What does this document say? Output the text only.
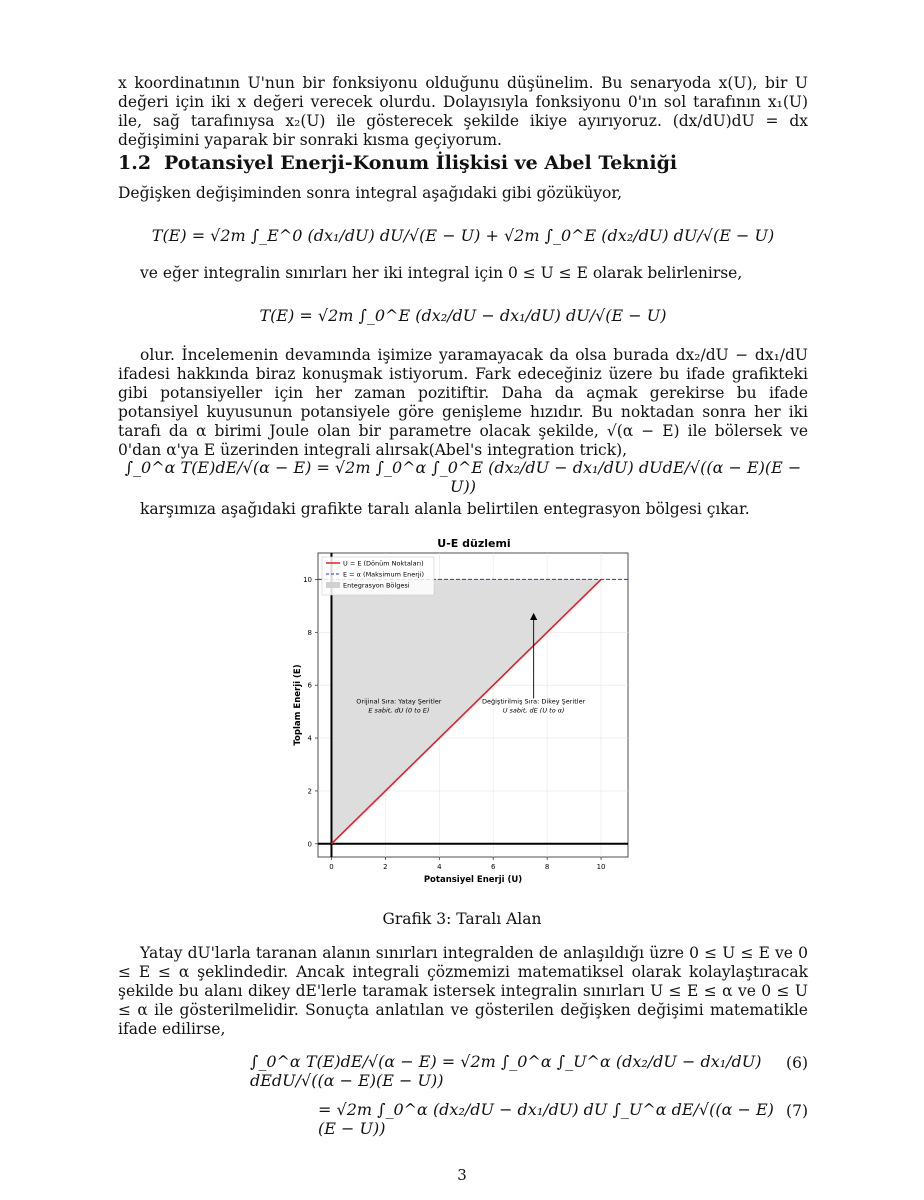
x koordinatının U'nun bir fonksiyonu olduğunu düşünelim. Bu senaryoda x(U), bir U değeri için iki x değeri verecek olurdu. Dolayısıyla fonksiyonu 0'ın sol tarafının x₁(U) ile, sağ tarafınıysa x₂(U) ile gösterecek şekilde ikiye ayırıyoruz. (dx/dU)dU = dx değişimini yaparak bir sonraki kısma geçiyorum.
1.2 Potansiyel Enerji-Konum İlişkisi ve Abel Tekniği
Değişken değişiminden sonra integral aşağıdaki gibi gözüküyor,
T(E) = √2m ∫_E^0 (dx₁/dU) dU/√(E − U) + √2m ∫_0^E (dx₂/dU) dU/√(E − U)
ve eğer integralin sınırları her iki integral için 0 ≤ U ≤ E olarak belirlenirse,
T(E) = √2m ∫_0^E (dx₂/dU − dx₁/dU) dU/√(E − U)
olur. İncelemenin devamında işimize yaramayacak da olsa burada dx₂/dU − dx₁/dU ifadesi hakkında biraz konuşmak istiyorum. Fark edeceğiniz üzere bu ifade grafikteki gibi potansiyeller için her zaman pozitiftir. Daha da açmak gerekirse bu ifade potansiyel kuyusunun potansiyele göre genişleme hızıdır. Bu noktadan sonra her iki tarafı da α birimi Joule olan bir parametre olacak şekilde, √(α − E) ile bölersek ve 0'dan α'ya E üzerinden integrali alırsak(Abel's integration trick),
∫_0^α T(E)dE/√(α − E) = √2m ∫_0^α ∫_0^E (dx₂/dU − dx₁/dU) dUdE/√((α − E)(E − U))
karşımıza aşağıdaki grafikte taralı alanla belirtilen entegrasyon bölgesi çıkar.
U-E düzlemi
0	2	4	6	8	10
0
2
4
6
8
10
Orijinal Sıra: Yatay Şeritler
E sabit, dU (0 to E)
Değiştirilmiş Sıra: Dikey Şeritler
U sabit, dE (U to α)
U = E (Dönüm Noktaları)
E = α (Maksimum Enerji)
Entegrasyon Bölgesi
Potansiyel Enerji (U)
Toplam Enerji (E)
Grafik 3: Taralı Alan
Yatay dU'larla taranan alanın sınırları integralden de anlaşıldığı üzre 0 ≤ U ≤ E ve 0 ≤ E ≤ α şeklindedir. Ancak integrali çözmemizi matematiksel olarak kolaylaştıracak şekilde bu alanı dikey dE'lerle taramak istersek integralin sınırları U ≤ E ≤ α ve 0 ≤ U ≤ α ile gösterilmelidir. Sonuçta anlatılan ve gösterilen değişken değişimi matematikle ifade edilirse,
∫_0^α T(E)dE/√(α − E) = √2m ∫_0^α ∫_U^α (dx₂/dU − dx₁/dU) dEdU/√((α − E)(E − U))
(6)
= √2m ∫_0^α (dx₂/dU − dx₁/dU) dU ∫_U^α dE/√((α − E)(E − U))
(7)
3
